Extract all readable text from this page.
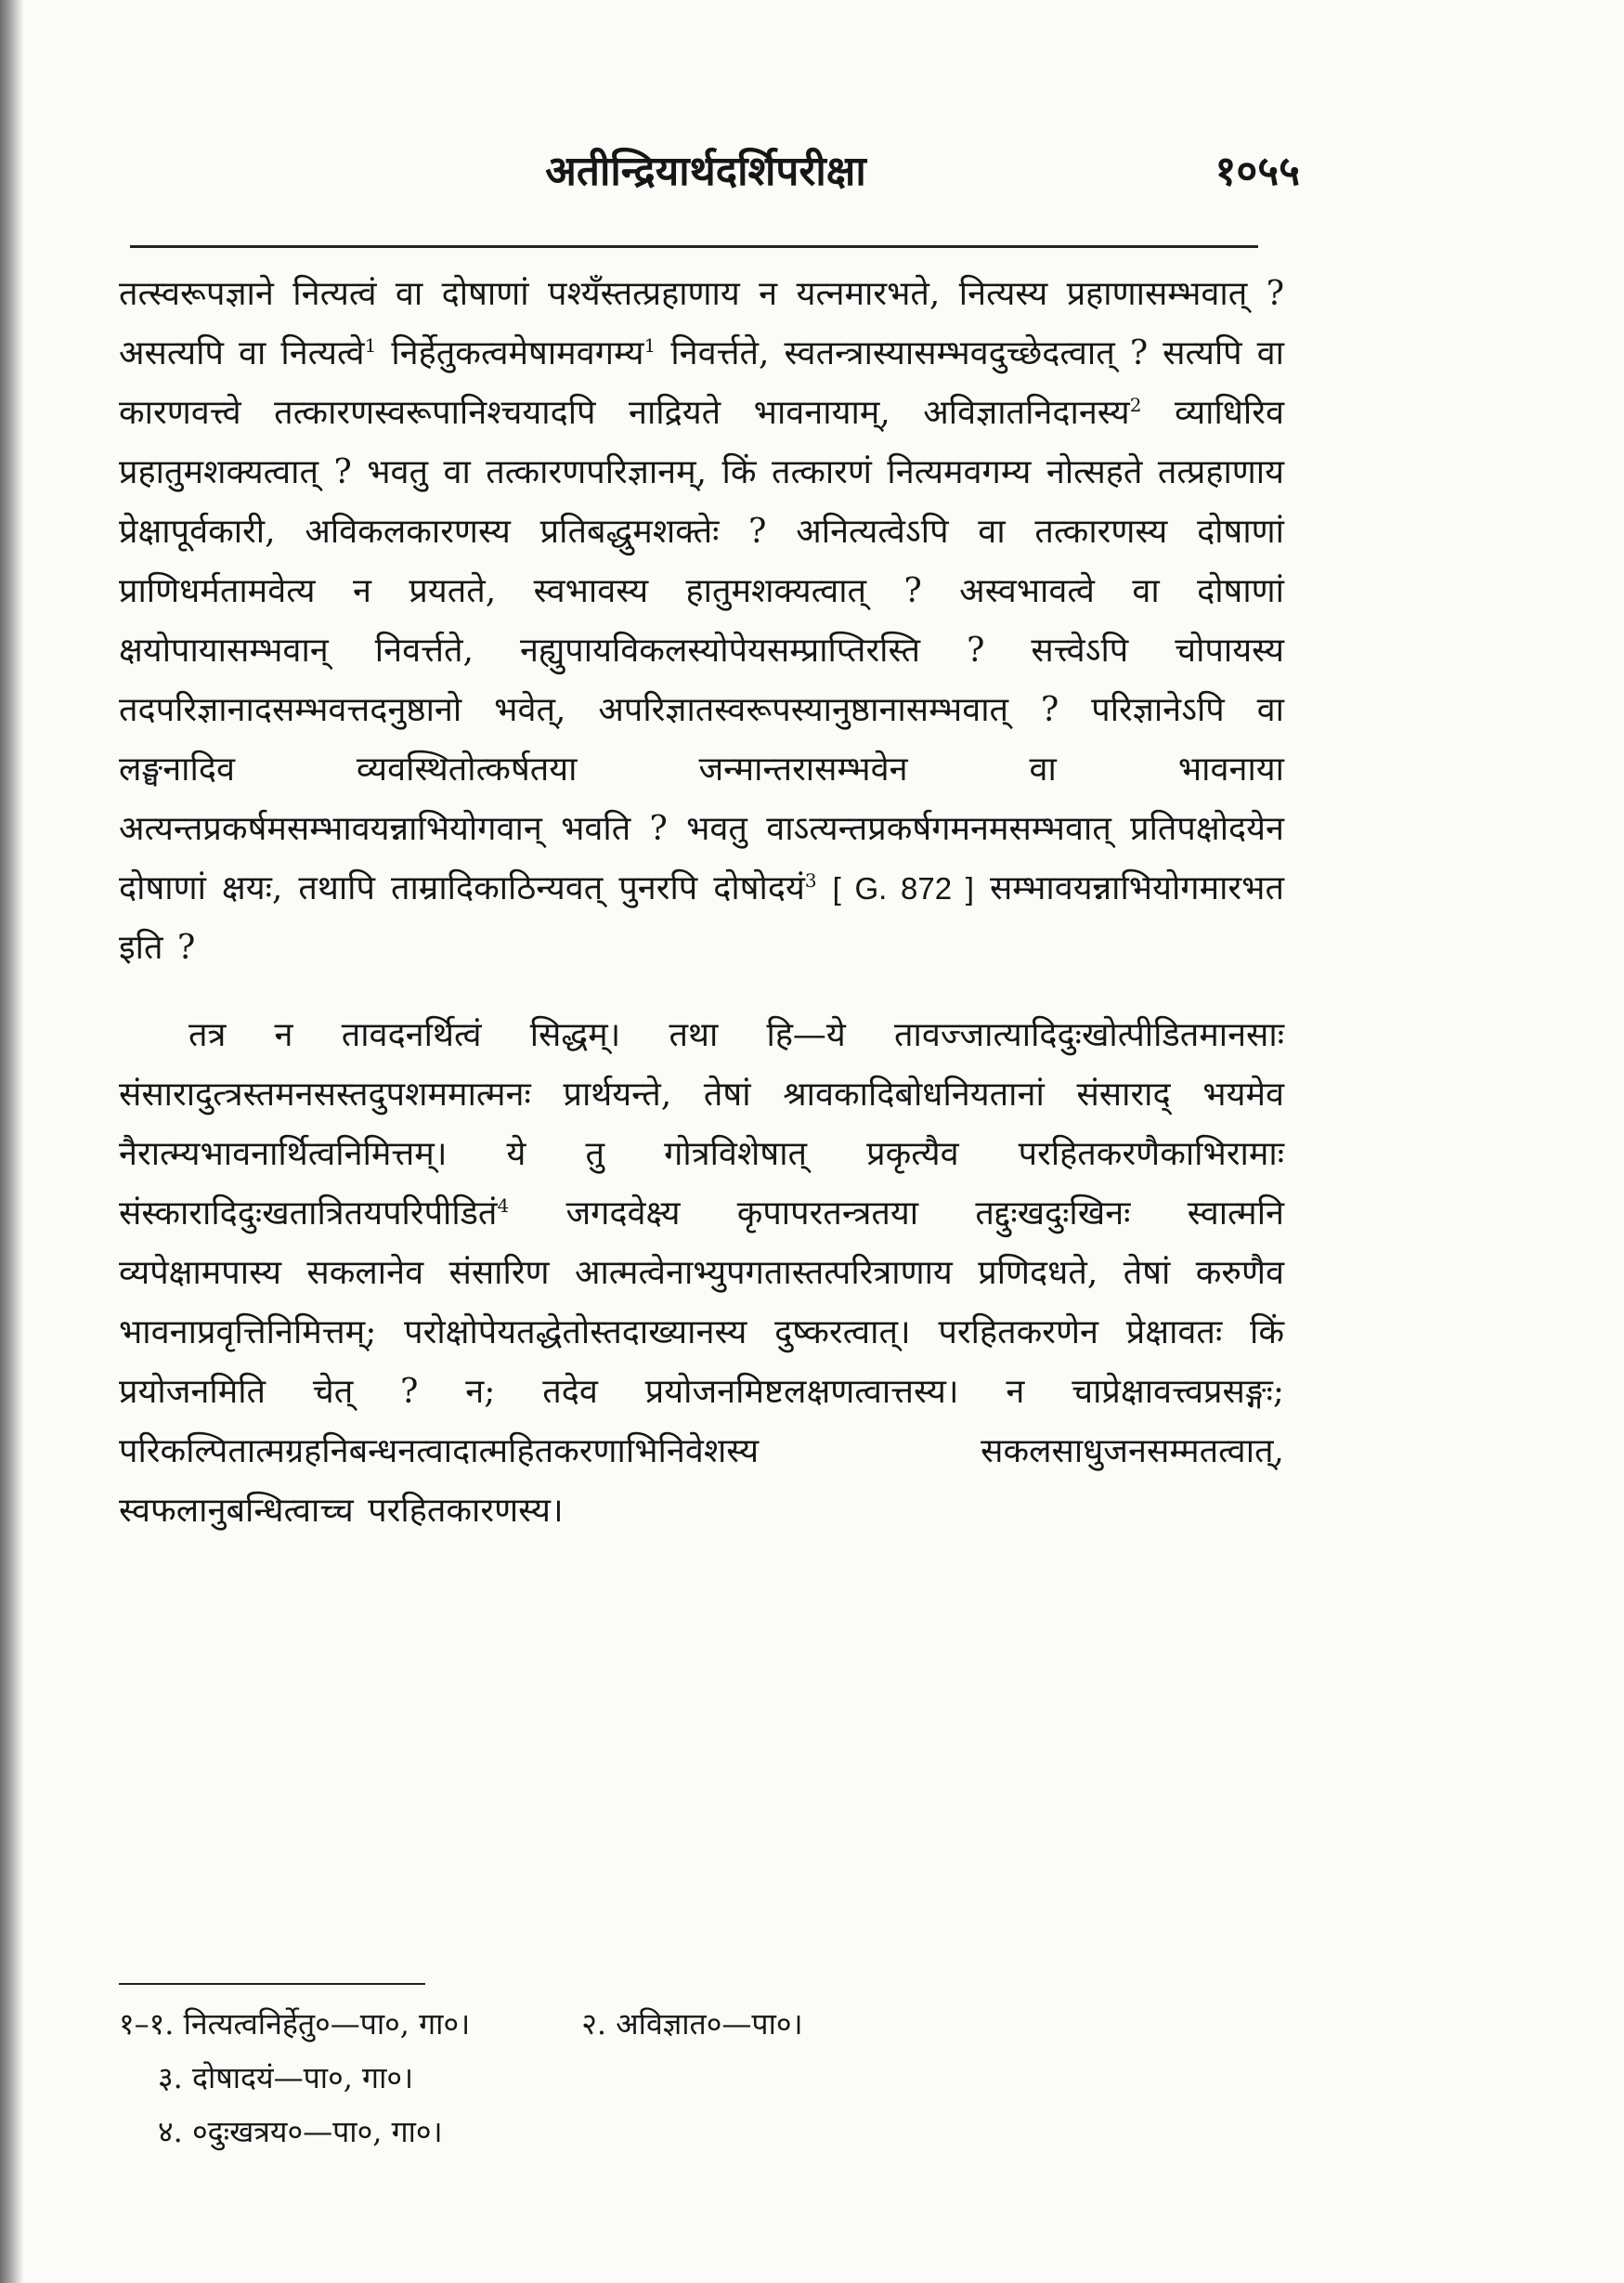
अतीन्द्रियार्थदर्शिपरीक्षा	१०५५

तत्स्वरूपज्ञाने नित्यत्वं वा दोषाणां पश्यँस्तत्प्रहाणाय न यत्नमारभते, नित्यस्य प्रहाणासम्भवात् ? असत्यपि वा नित्यत्वे$^1$ निर्हेतुकत्वमेषामवगम्य$^1$ निवर्त्तते, स्वतन्त्रास्यासम्भवदुच्छेदत्वात् ? सत्यपि वा कारणवत्त्वे तत्कारणस्वरूपानिश्चयादपि नाद्रियते भावनायाम्, अविज्ञातनिदानस्य$^2$ व्याधिरिव प्रहातुमशक्यत्वात् ? भवतु वा तत्कारणपरिज्ञानम्, किं तत्कारणं नित्यमवगम्य नोत्सहते तत्प्रहाणाय प्रेक्षापूर्वकारी, अविकलकारणस्य प्रतिबद्धुमशक्तेः ? अनित्यत्वेऽपि वा तत्कारणस्य दोषाणां प्राणिधर्मतामवेत्य न प्रयतते, स्वभावस्य हातुमशक्यत्वात् ? अस्वभावत्वे वा दोषाणां क्षयोपायासम्भवान् निवर्त्तते, नह्युपायविकलस्योपेयसम्प्राप्तिरस्ति ? सत्त्वेऽपि चोपायस्य तदपरिज्ञानादसम्भवत्तदनुष्ठानो भवेत्, अपरिज्ञातस्वरूपस्यानुष्ठानासम्भवात् ? परिज्ञानेऽपि वा लङ्घनादिव व्यवस्थितोत्कर्षतया जन्मान्तरासम्भवेन वा भावनाया अत्यन्तप्रकर्षमसम्भावयन्नाभियोगवान् भवति ? भवतु वाऽत्यन्तप्रकर्षगमनमसम्भवात् प्रतिपक्षोदयेन दोषाणां क्षयः, तथापि ताम्रादिकाठिन्यवत् पुनरपि दोषोदयं$^3$ [ G. 872 ] सम्भावयन्नाभियोगमारभत इति ?

तत्र न तावदनर्थित्वं सिद्धम्। तथा हि—ये तावज्जात्यादिदुःखोत्पीडितमानसाः संसारादुत्त्रस्तमनसस्तदुपशममात्मनः प्रार्थयन्ते, तेषां श्रावकादिबोधनियतानां संसाराद् भयमेव नैरात्म्यभावनार्थित्वनिमित्तम्। ये तु गोत्रविशेषात् प्रकृत्यैव परहितकरणैकाभिरामाः संस्कारादिदुःखतात्रितयपरिपीडितं$^4$ जगदवेक्ष्य कृपापरतन्त्रतया तद्दुःखदुःखिनः स्वात्मनि व्यपेक्षामपास्य सकलानेव संसारिण आत्मत्वेनाभ्युपगतास्तत्परित्राणाय प्रणिदधते, तेषां करुणैव भावनाप्रवृत्तिनिमित्तम्; परोक्षोपेयतद्धेतोस्तदाख्यानस्य दुष्करत्वात्। परहितकरणेन प्रेक्षावतः किं प्रयोजनमिति चेत् ? न; तदेव प्रयोजनमिष्टलक्षणत्वात्तस्य। न चाप्रेक्षावत्त्वप्रसङ्गः; परिकल्पितात्मग्रहनिबन्धनत्वादात्महितकरणाभिनिवेशस्य सकलसाधुजनसम्मतत्वात्, स्वफलानुबन्धित्वाच्च परहितकारणस्य।

१–१. नित्यत्वनिर्हेतु०—पा०, गा०।	२. अविज्ञात०—पा०।
३. दोषादयं—पा०, गा०।
४. ०दुःखत्रय०—पा०, गा०।
